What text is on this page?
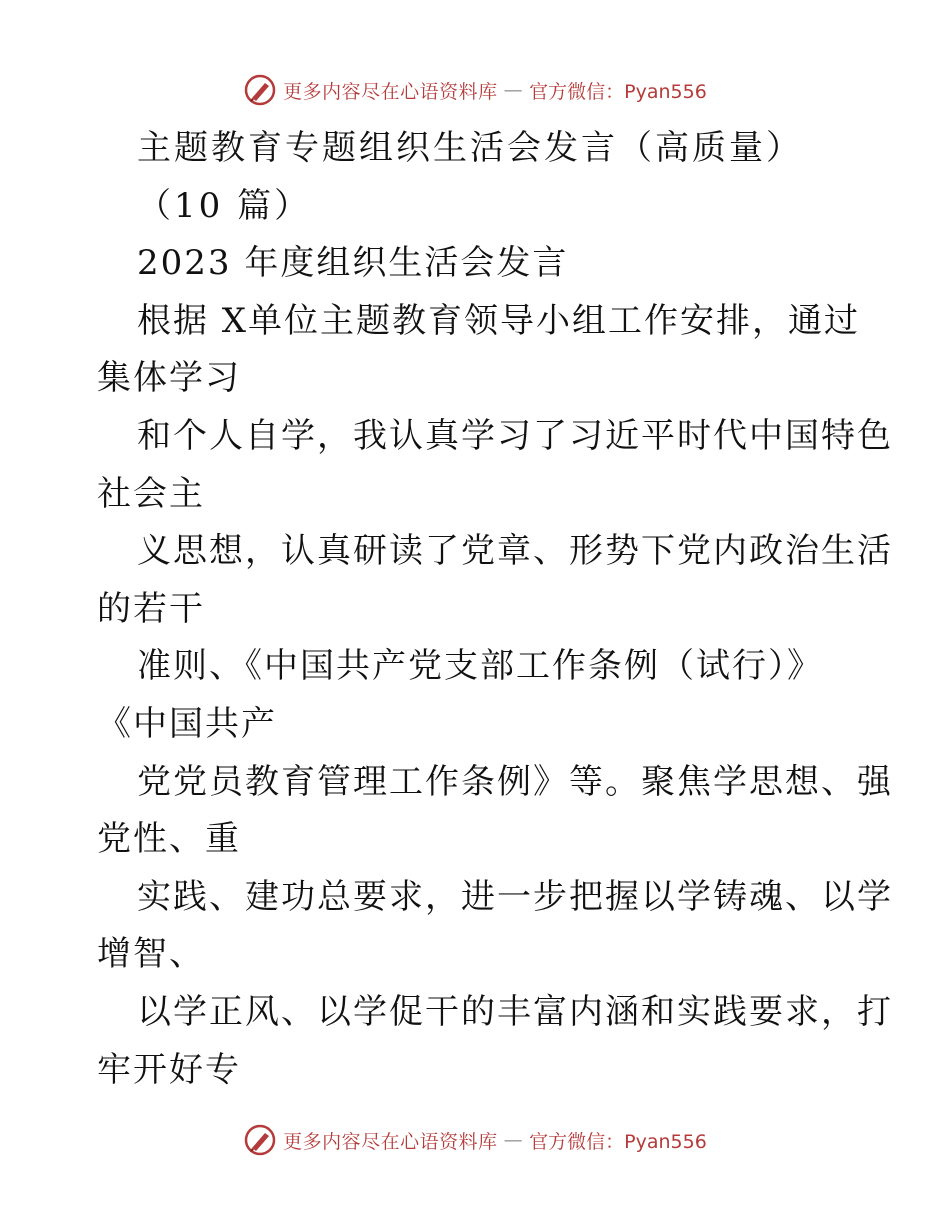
更多内容尽在心语资料库 — 官方微信：Pyan556
主题教育专题组织生活会发言（高质量）
（10 篇）
2023 年度组织生活会发言
根据 X单位主题教育领导小组工作安排，通过
集体学习
和个人自学，我认真学习了习近平时代中国特色
社会主
义思想，认真研读了党章、形势下党内政治生活
的若干
准则、《中国共产党支部工作条例（试行）》
《中国共产
党党员教育管理工作条例》等。聚焦学思想、强
党性、重
实践、建功总要求，进一步把握以学铸魂、以学
增智、
以学正风、以学促干的丰富内涵和实践要求，打
牢开好专
更多内容尽在心语资料库 — 官方微信：Pyan556
